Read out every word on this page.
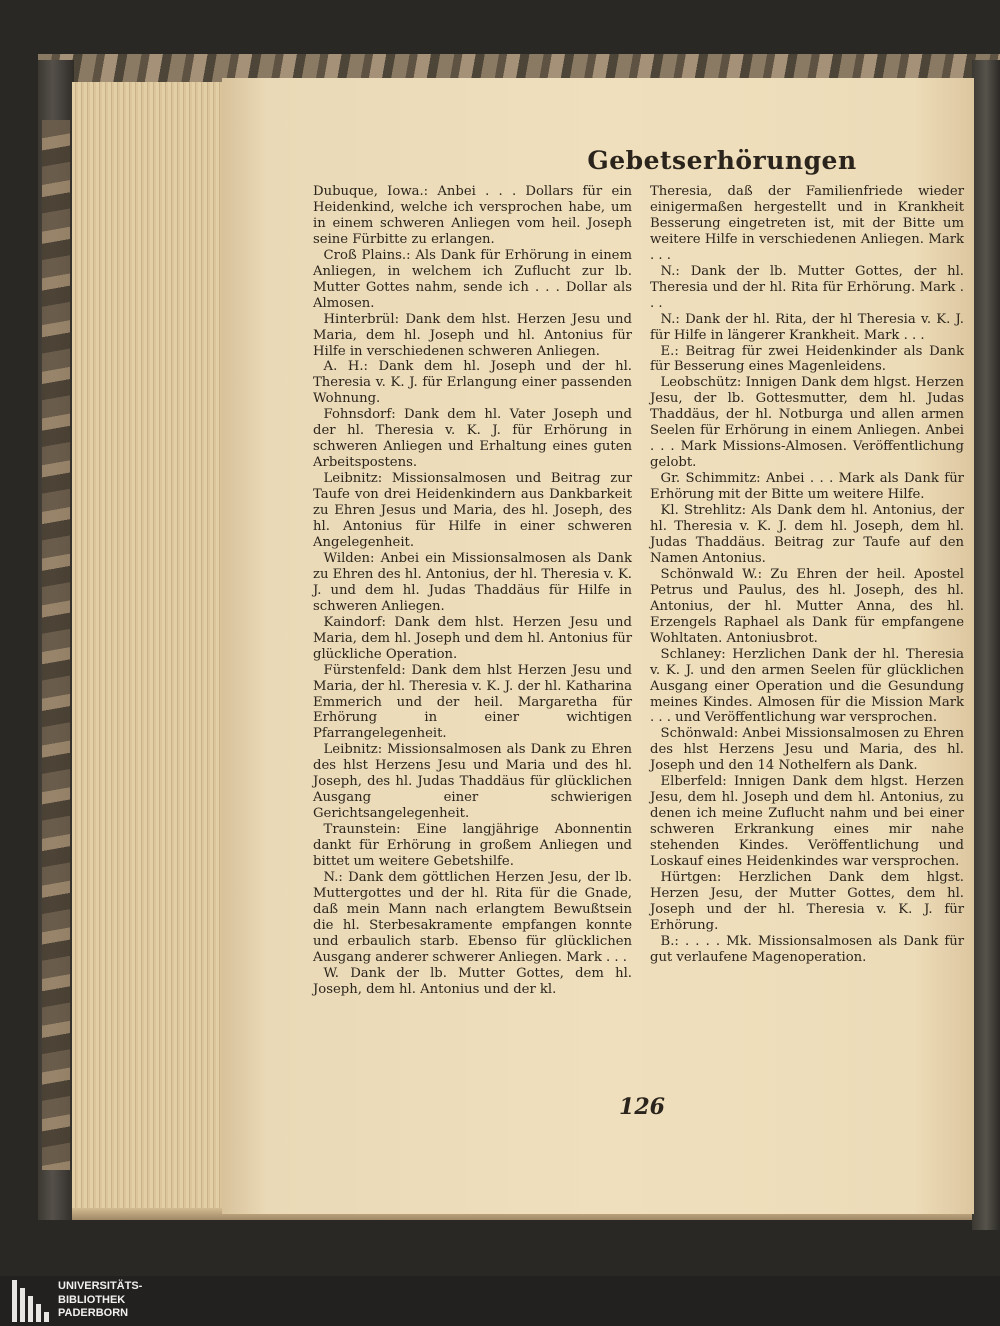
Gebetserhörungen

Dubuque, Iowa.: Anbei . . . Dollars für ein Heidenkind, welche ich versprochen habe, um in einem schweren Anliegen vom heil. Joseph seine Fürbitte zu erlangen.

Croß Plains.: Als Dank für Erhörung in einem Anliegen, in welchem ich Zuflucht zur lb. Mutter Gottes nahm, sende ich . . . Dollar als Almosen.

Hinterbrül: Dank dem hlst. Herzen Jesu und Maria, dem hl. Joseph und hl. Antonius für Hilfe in verschiedenen schweren Anliegen.

A. H.: Dank dem hl. Joseph und der hl. Theresia v. K. J. für Erlangung einer passenden Wohnung.

Fohnsdorf: Dank dem hl. Vater Joseph und der hl. Theresia v. K. J. für Erhörung in schweren Anliegen und Erhaltung eines guten Arbeitspostens.

Leibnitz: Missionsalmosen und Beitrag zur Taufe von drei Heidenkindern aus Dankbarkeit zu Ehren Jesus und Maria, des hl. Joseph, des hl. Antonius für Hilfe in einer schweren Angelegenheit.

Wilden: Anbei ein Missionsalmosen als Dank zu Ehren des hl. Antonius, der hl. Theresia v. K. J. und dem hl. Judas Thaddäus für Hilfe in schweren Anliegen.

Kaindorf: Dank dem hlst. Herzen Jesu und Maria, dem hl. Joseph und dem hl. Antonius für glückliche Operation.

Fürstenfeld: Dank dem hlst Herzen Jesu und Maria, der hl. Theresia v. K. J. der hl. Katharina Emmerich und der heil. Margaretha für Erhörung in einer wichtigen Pfarrangelegenheit.

Leibnitz: Missionsalmosen als Dank zu Ehren des hlst Herzens Jesu und Maria und des hl. Joseph, des hl. Judas Thaddäus für glücklichen Ausgang einer schwierigen Gerichtsangelegenheit.

Traunstein: Eine langjährige Abonnentin dankt für Erhörung in großem Anliegen und bittet um weitere Gebetshilfe.

N.: Dank dem göttlichen Herzen Jesu, der lb. Muttergottes und der hl. Rita für die Gnade, daß mein Mann nach erlangtem Bewußtsein die hl. Sterbesakramente empfangen konnte und erbaulich starb. Ebenso für glücklichen Ausgang anderer schwerer Anliegen. Mark . . .

W. Dank der lb. Mutter Gottes, dem hl. Joseph, dem hl. Antonius und der kl.

Theresia, daß der Familienfriede wieder einigermaßen hergestellt und in Krankheit Besserung eingetreten ist, mit der Bitte um weitere Hilfe in verschiedenen Anliegen. Mark . . .

N.: Dank der lb. Mutter Gottes, der hl. Theresia und der hl. Rita für Erhörung. Mark . . .

N.: Dank der hl. Rita, der hl Theresia v. K. J. für Hilfe in längerer Krankheit. Mark . . .

E.: Beitrag für zwei Heidenkinder als Dank für Besserung eines Magenleidens.

Leobschütz: Innigen Dank dem hlgst. Herzen Jesu, der lb. Gottesmutter, dem hl. Judas Thaddäus, der hl. Notburga und allen armen Seelen für Erhörung in einem Anliegen. Anbei . . . Mark Missions-Almosen. Veröffentlichung gelobt.

Gr. Schimmitz: Anbei . . . Mark als Dank für Erhörung mit der Bitte um weitere Hilfe.

Kl. Strehlitz: Als Dank dem hl. Antonius, der hl. Theresia v. K. J. dem hl. Joseph, dem hl. Judas Thaddäus. Beitrag zur Taufe auf den Namen Antonius.

Schönwald W.: Zu Ehren der heil. Apostel Petrus und Paulus, des hl. Joseph, des hl. Antonius, der hl. Mutter Anna, des hl. Erzengels Raphael als Dank für empfangene Wohltaten. Antoniusbrot.

Schlaney: Herzlichen Dank der hl. Theresia v. K. J. und den armen Seelen für glücklichen Ausgang einer Operation und die Gesundung meines Kindes. Almosen für die Mission Mark . . . und Veröffentlichung war versprochen.

Schönwald: Anbei Missionsalmosen zu Ehren des hlst Herzens Jesu und Maria, des hl. Joseph und den 14 Nothelfern als Dank.

Elberfeld: Innigen Dank dem hlgst. Herzen Jesu, dem hl. Joseph und dem hl. Antonius, zu denen ich meine Zuflucht nahm und bei einer schweren Erkrankung eines mir nahe stehenden Kindes. Veröffentlichung und Loskauf eines Heidenkindes war versprochen.

Hürtgen: Herzlichen Dank dem hlgst. Herzen Jesu, der Mutter Gottes, dem hl. Joseph und der hl. Theresia v. K. J. für Erhörung.

B.: . . . . Mk. Missionsalmosen als Dank für gut verlaufene Magenoperation.

126
UNIVERSITÄTS-
BIBLIOTHEK
PADERBORN
